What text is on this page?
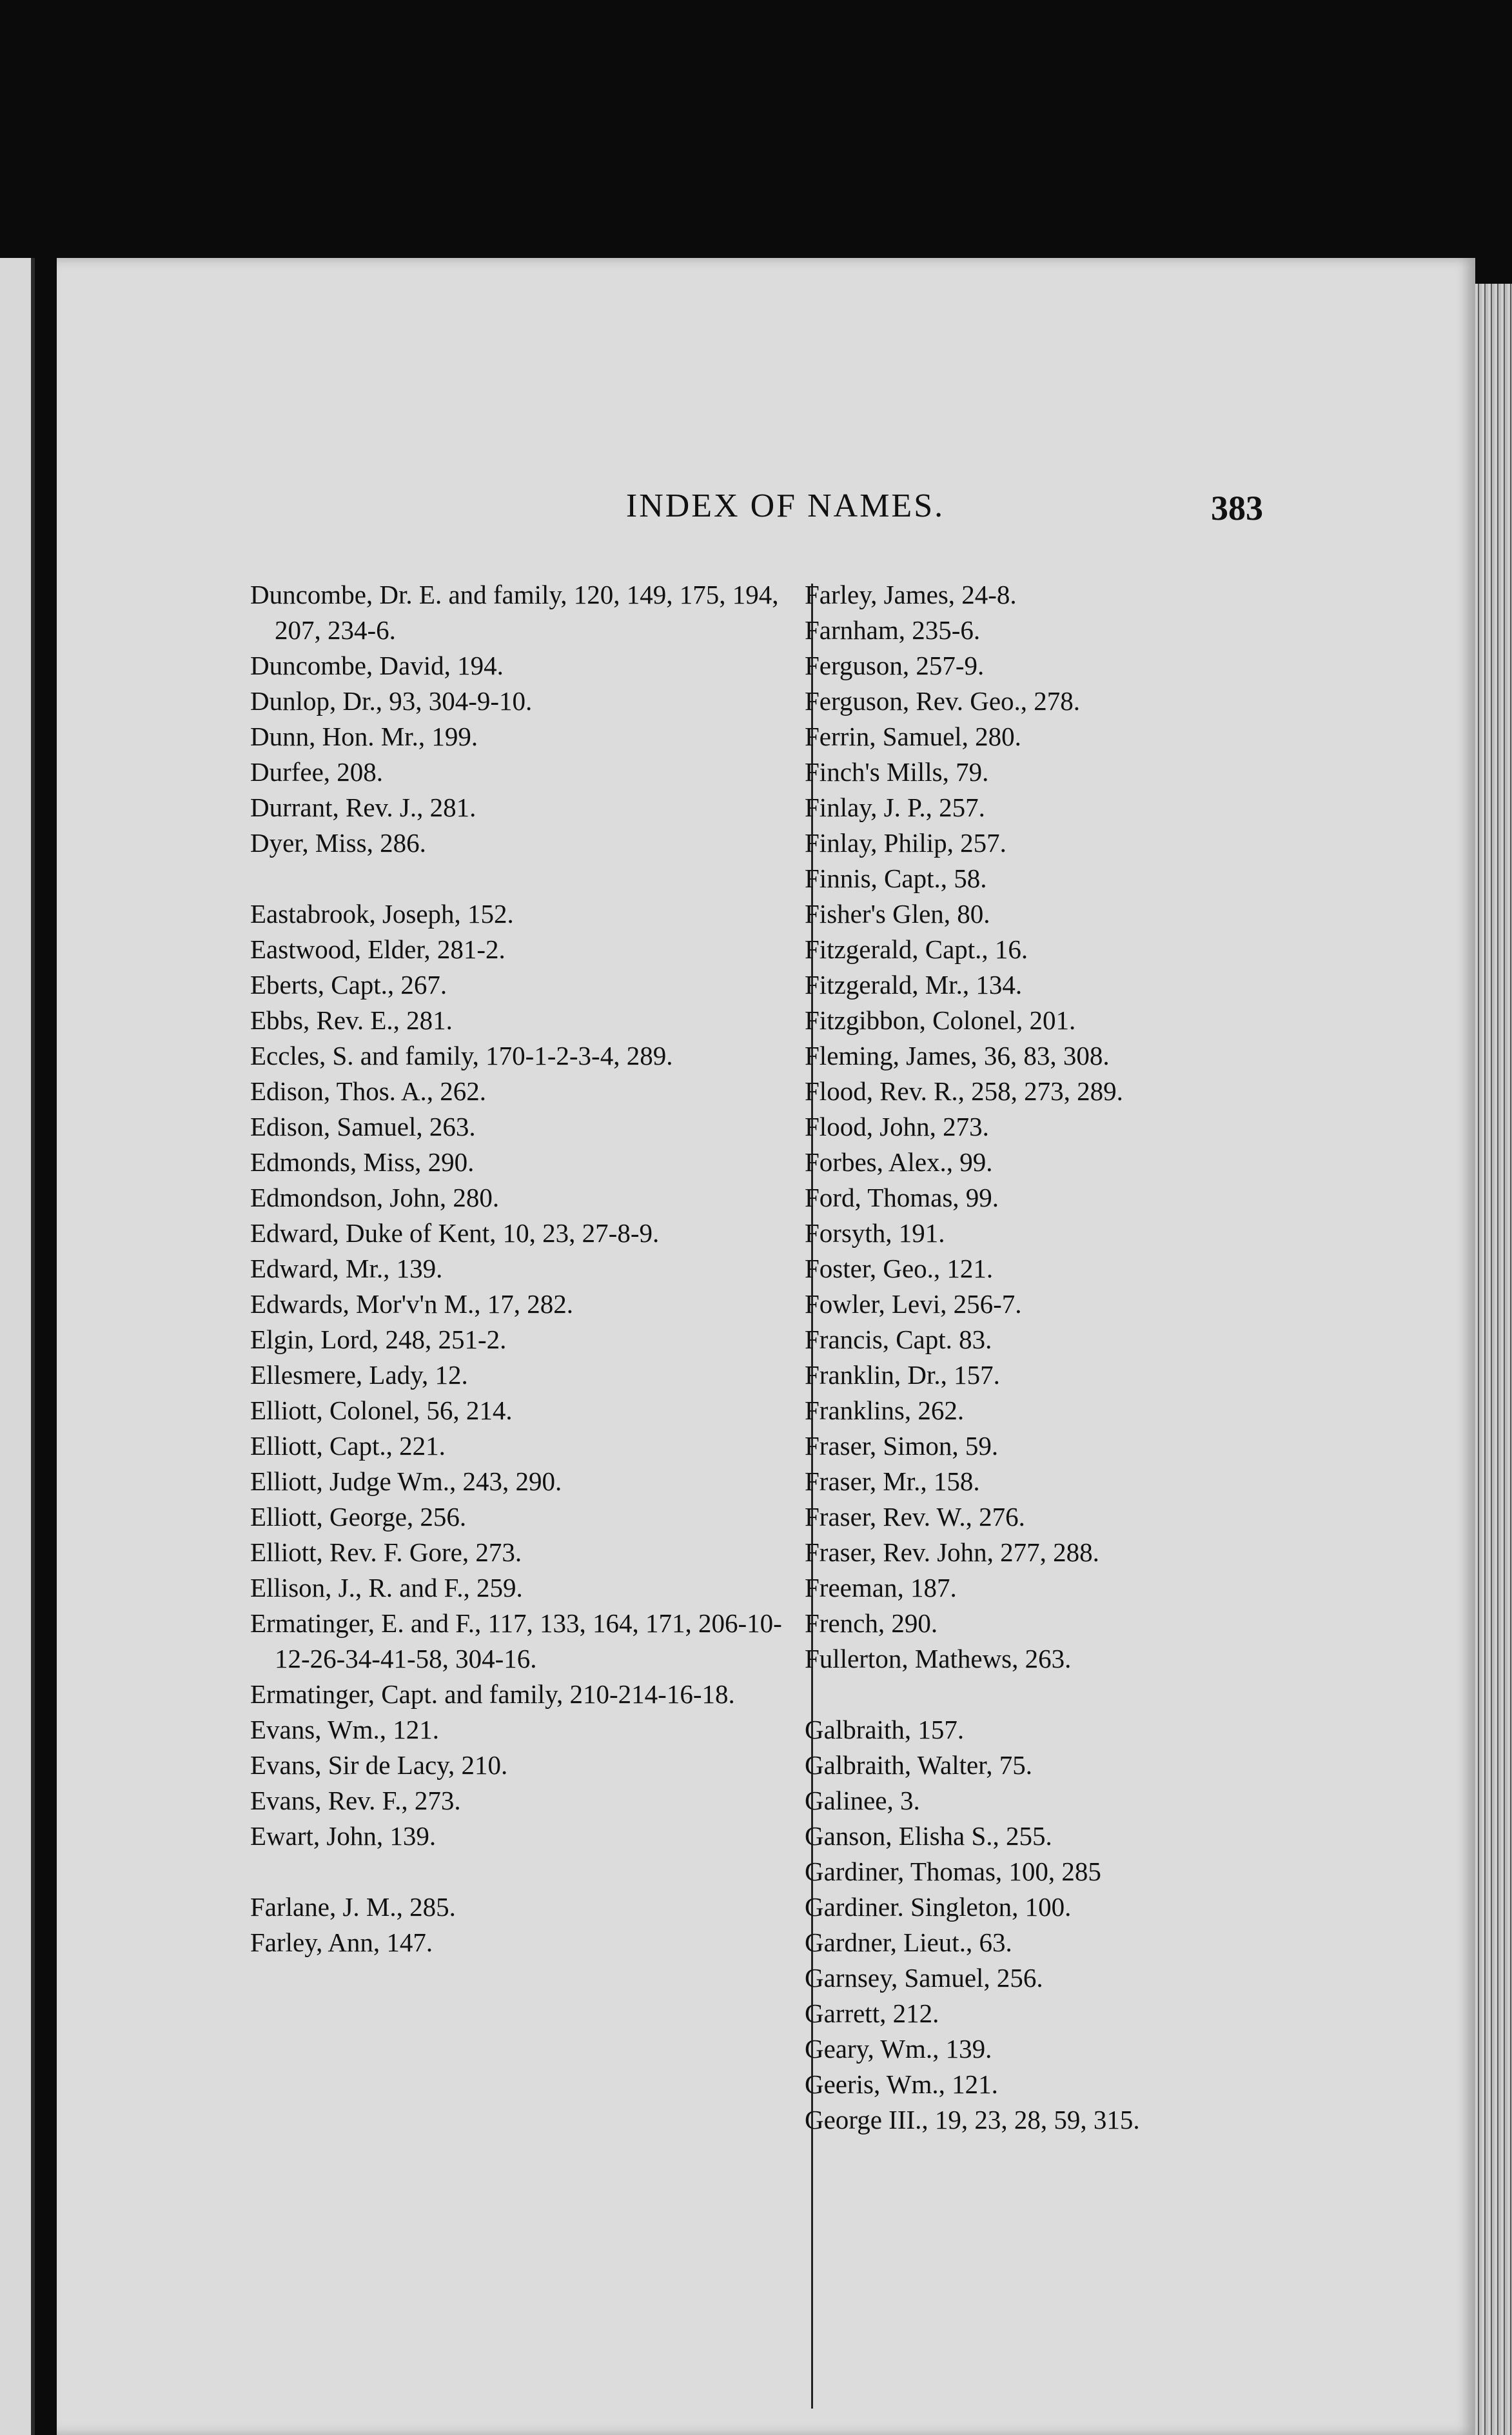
INDEX OF NAMES.	383
Duncombe, Dr. E. and family, 120, 149, 175, 194, 207, 234-6.
Duncombe, David, 194.
Dunlop, Dr., 93, 304-9-10.
Dunn, Hon. Mr., 199.
Durfee, 208.
Durrant, Rev. J., 281.
Dyer, Miss, 286.
Eastabrook, Joseph, 152.
Eastwood, Elder, 281-2.
Eberts, Capt., 267.
Ebbs, Rev. E., 281.
Eccles, S. and family, 170-1-2-3-4, 289.
Edison, Thos. A., 262.
Edison, Samuel, 263.
Edmonds, Miss, 290.
Edmondson, John, 280.
Edward, Duke of Kent, 10, 23, 27-8-9.
Edward, Mr., 139.
Edwards, Mor'v'n M., 17, 282.
Elgin, Lord, 248, 251-2.
Ellesmere, Lady, 12.
Elliott, Colonel, 56, 214.
Elliott, Capt., 221.
Elliott, Judge Wm., 243, 290.
Elliott, George, 256.
Elliott, Rev. F. Gore, 273.
Ellison, J., R. and F., 259.
Ermatinger, E. and F., 117, 133, 164, 171, 206-10-12-26-34-41-58, 304-16.
Ermatinger, Capt. and family, 210-214-16-18.
Evans, Wm., 121.
Evans, Sir de Lacy, 210.
Evans, Rev. F., 273.
Ewart, John, 139.
Farlane, J. M., 285.
Farley, Ann, 147.
Farley, James, 24-8.
Farnham, 235-6.
Ferguson, 257-9.
Ferguson, Rev. Geo., 278.
Ferrin, Samuel, 280.
Finch's Mills, 79.
Finlay, J. P., 257.
Finlay, Philip, 257.
Finnis, Capt., 58.
Fisher's Glen, 80.
Fitzgerald, Capt., 16.
Fitzgerald, Mr., 134.
Fitzgibbon, Colonel, 201.
Fleming, James, 36, 83, 308.
Flood, Rev. R., 258, 273, 289.
Flood, John, 273.
Forbes, Alex., 99.
Ford, Thomas, 99.
Forsyth, 191.
Foster, Geo., 121.
Fowler, Levi, 256-7.
Francis, Capt. 83.
Franklin, Dr., 157.
Franklins, 262.
Fraser, Simon, 59.
Fraser, Mr., 158.
Fraser, Rev. W., 276.
Fraser, Rev. John, 277, 288.
Freeman, 187.
French, 290.
Fullerton, Mathews, 263.
Galbraith, 157.
Galbraith, Walter, 75.
Galinee, 3.
Ganson, Elisha S., 255.
Gardiner, Thomas, 100, 285
Gardiner. Singleton, 100.
Gardner, Lieut., 63.
Garnsey, Samuel, 256.
Garrett, 212.
Geary, Wm., 139.
Geeris, Wm., 121.
George III., 19, 23, 28, 59, 315.
